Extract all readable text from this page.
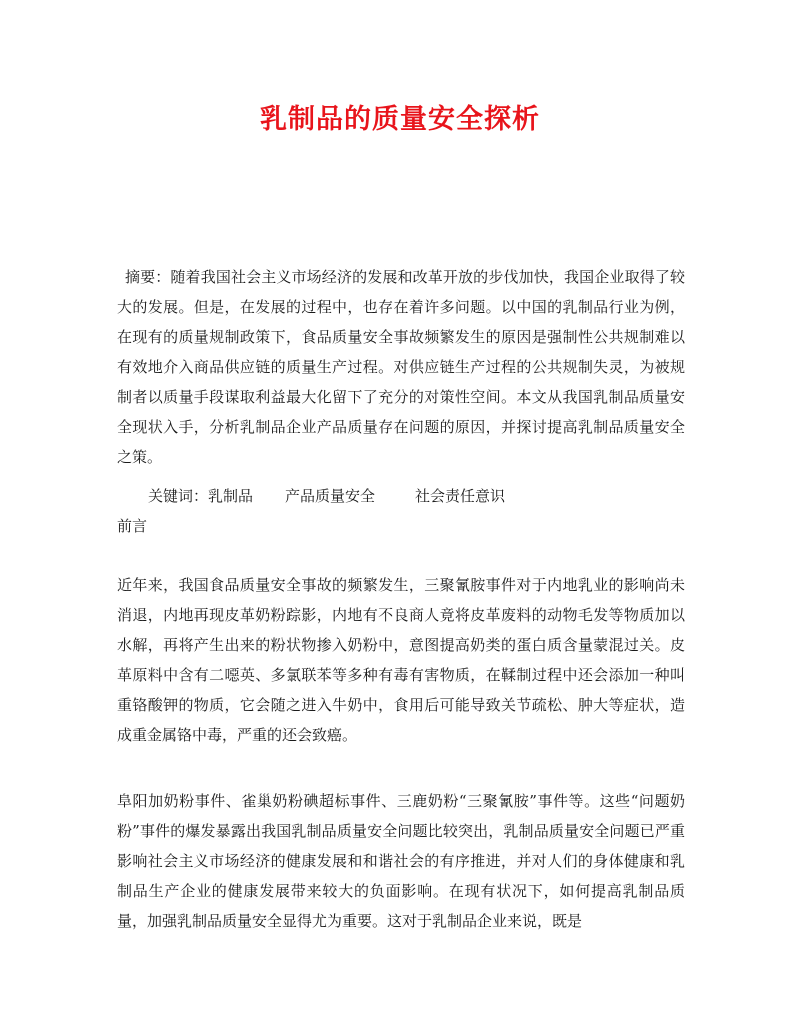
乳制品的质量安全探析
摘要：随着我国社会主义市场经济的发展和改革开放的步伐加快，我国企业取得了较大的发展。但是，在发展的过程中，也存在着许多问题。以中国的乳制品行业为例，在现有的质量规制政策下，食品质量安全事故频繁发生的原因是强制性公共规制难以有效地介入商品供应链的质量生产过程。对供应链生产过程的公共规制失灵，为被规制者以质量手段谋取利益最大化留下了充分的对策性空间。本文从我国乳制品质量安全现状入手，分析乳制品企业产品质量存在问题的原因，并探讨提高乳制品质量安全之策。
关键词：乳制品 产品质量安全	社会责任意识
前言
近年来，我国食品质量安全事故的频繁发生，三聚氰胺事件对于内地乳业的影响尚未消退，内地再现皮革奶粉踪影，内地有不良商人竟将皮革废料的动物毛发等物质加以水解，再将产生出来的粉状物掺入奶粉中，意图提高奶类的蛋白质含量蒙混过关。皮革原料中含有二噁英、多氯联苯等多种有毒有害物质，在鞣制过程中还会添加一种叫重铬酸钾的物质，它会随之进入牛奶中，食用后可能导致关节疏松、肿大等症状，造成重金属铬中毒，严重的还会致癌。
阜阳加奶粉事件、雀巢奶粉碘超标事件、三鹿奶粉“三聚氰胺”事件等。这些“问题奶粉”事件的爆发暴露出我国乳制品质量安全问题比较突出，乳制品质量安全问题已严重影响社会主义市场经济的健康发展和和谐社会的有序推进，并对人们的身体健康和乳制品生产企业的健康发展带来较大的负面影响。在现有状况下，如何提高乳制品质量，加强乳制品质量安全显得尤为重要。这对于乳制品企业来说，既是
